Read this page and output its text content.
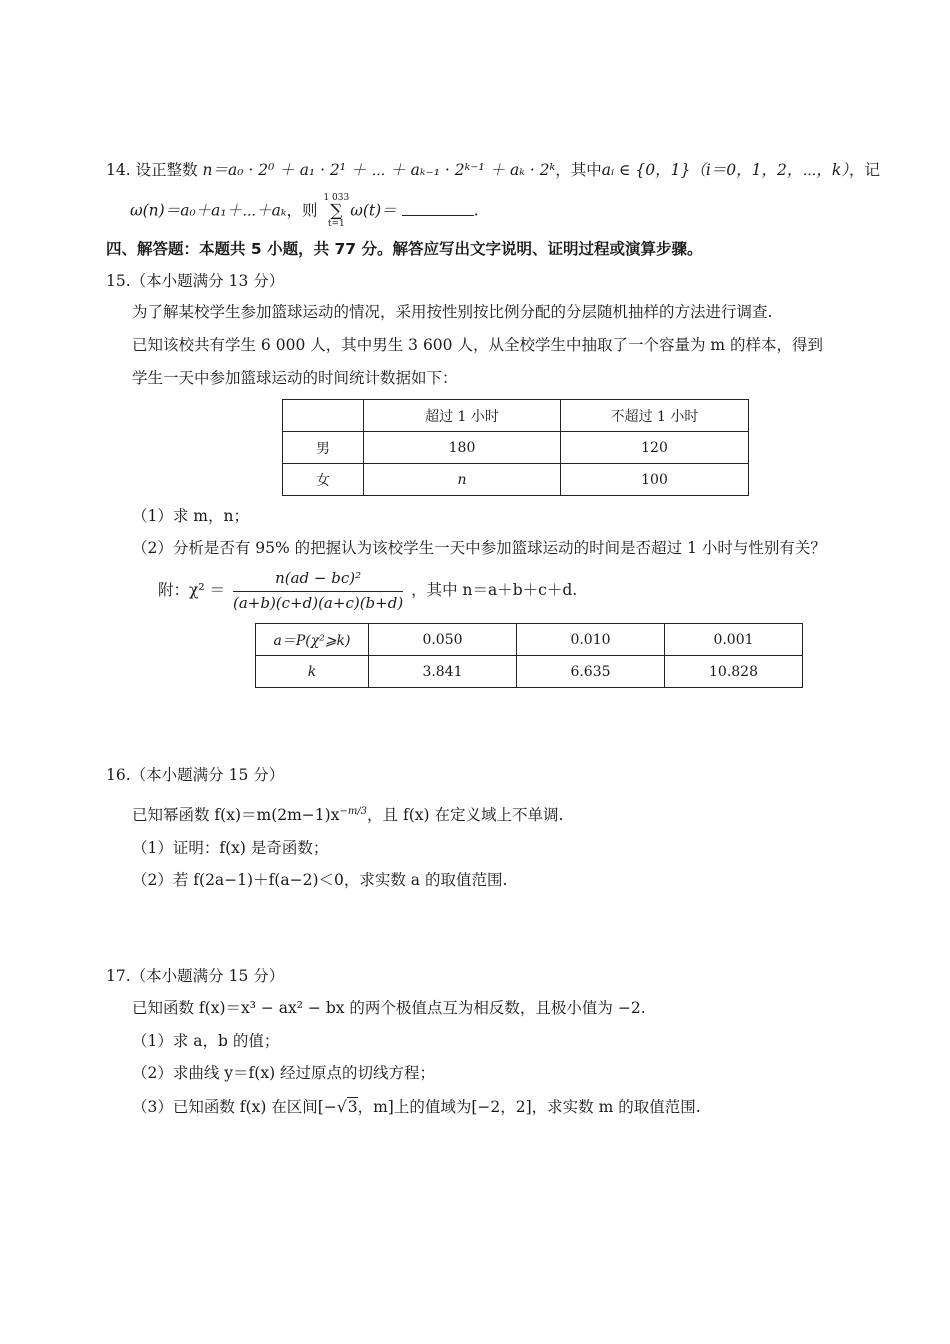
14. 设正整数 n＝a₀ · 2⁰ ＋ a₁ · 2¹ ＋ ⋯ ＋ aₖ₋₁ · 2ᵏ⁻¹ ＋ aₖ · 2ᵏ，其中aᵢ ∈ {0，1}（i＝0，1，2，⋯，k），记
ω(n)＝a₀＋a₁＋⋯＋aₖ，则
1 033
∑
t=1
ω(t)＝	.
四、解答题：本题共 5 小题，共 77 分。解答应写出文字说明、证明过程或演算步骤。
15.（本小题满分 13 分）
为了解某校学生参加篮球运动的情况，采用按性别按比例分配的分层随机抽样的方法进行调查.
已知该校共有学生 6 000 人，其中男生 3 600 人，从全校学生中抽取了一个容量为 m 的样本，得到
学生一天中参加篮球运动的时间统计数据如下：
	超过 1 小时	不超过 1 小时
男	180	120
女	n	100
（1）求 m，n；
（2）分析是否有 95% 的把握认为该校学生一天中参加篮球运动的时间是否超过 1 小时与性别有关？
附：$\chi^2 = \frac{\text{n(ad − bc)²}}{(a+b)(c+d)(a+c)(b+d)}$ ，其中 n＝a＋b＋c＋d.
a＝P(χ²⩾k)	0.050	0.010	0.001
k	3.841	6.635	10.828
16.（本小题满分 15 分）
已知幂函数 $f(x)=m(2m-1)x^{-m/3}$，且 f(x) 在定义域上不单调.
（1）证明：f(x) 是奇函数；
（2）若 f(2a−1)＋f(a−2)＜0，求实数 a 的取值范围.
17.（本小题满分 15 分）
已知函数 f(x)＝x³ − ax² − bx 的两个极值点互为相反数，且极小值为 −2.
（1）求 a，b 的值；
（2）求曲线 y＝f(x) 经过原点的切线方程；
（3）已知函数 f(x) 在区间[−√3，m]上的值域为[−2，2]，求实数 m 的取值范围.
